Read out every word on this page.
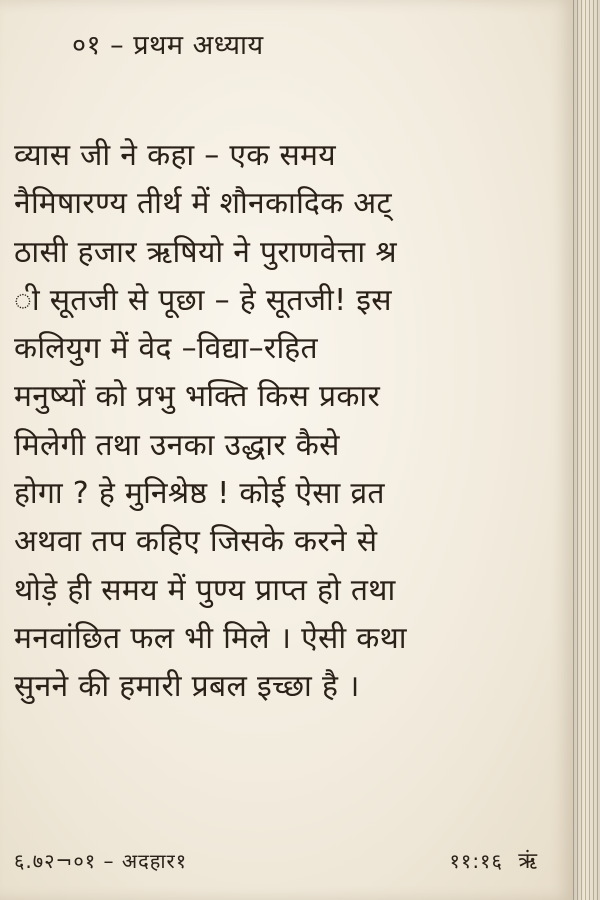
०१ – प्रथम अध्याय
व्यास जी ने कहा – एक समय
नैमिषारण्य तीर्थ में शौनकादिक अट्
ठासी हजार ऋषियो ने पुराणवेत्ता श्र
ी सूतजी से पूछा – हे सूतजी! इस
कलियुग में वेद –विद्या–रहित
मनुष्यों को प्रभु भक्ति किस प्रकार
मिलेगी तथा उनका उद्धार कैसे
होगा ? हे मुनिश्रेष्ठ ! कोई ऐसा व्रत
अथवा तप कहिए जिसके करने से
थोड़े ही समय में पुण्य प्राप्त हो तथा
मनवांछित फल भी मिले । ऐसी कथा
सुनने की हमारी प्रबल इच्छा है ।
६.७२¬०१ – अदहार१	११:१६ ऋं
